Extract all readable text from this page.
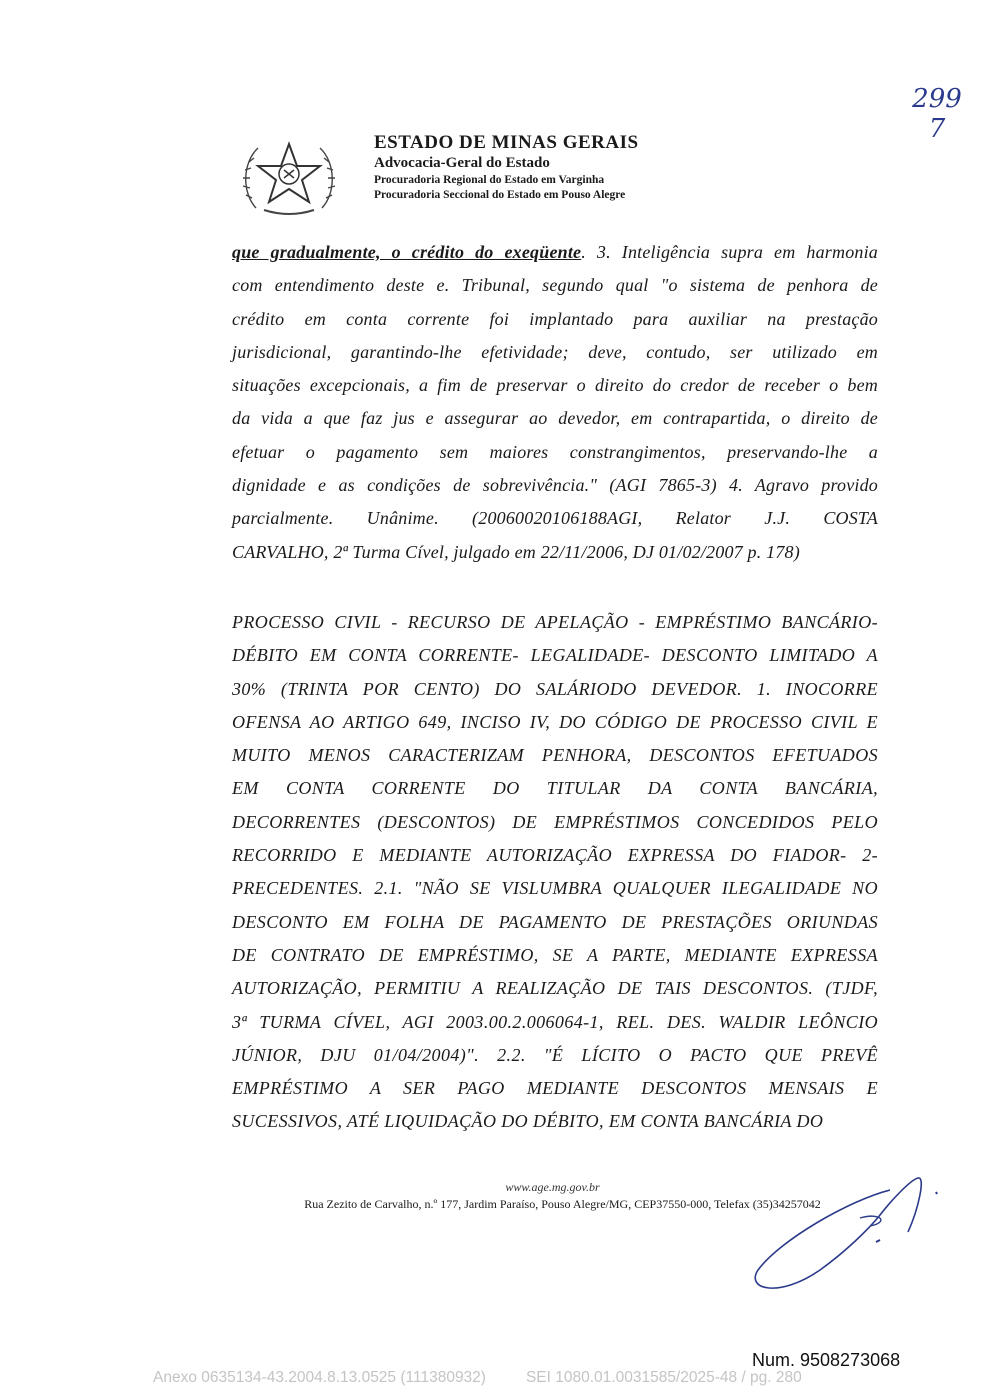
299
7
ESTADO DE MINAS GERAIS
Advocacia-Geral do Estado
Procuradoria Regional do Estado em Varginha
Procuradoria Seccional do Estado em Pouso Alegre
que gradualmente, o crédito do exeqüente. 3. Inteligência supra em harmonia
com entendimento deste e. Tribunal, segundo qual "o sistema de penhora de
crédito em conta corrente foi implantado para auxiliar na prestação
jurisdicional, garantindo-lhe efetividade; deve, contudo, ser utilizado em
situações excepcionais, a fim de preservar o direito do credor de receber o bem
da vida a que faz jus e assegurar ao devedor, em contrapartida, o direito de
efetuar o pagamento sem maiores constrangimentos, preservando-lhe a
dignidade e as condições de sobrevivência." (AGI 7865-3) 4. Agravo provido
parcialmente. Unânime. (20060020106188AGI, Relator J.J. COSTA
CARVALHO, 2ª Turma Cível, julgado em 22/11/2006, DJ 01/02/2007 p. 178)
PROCESSO CIVIL - RECURSO DE APELAÇÃO - EMPRÉSTIMO BANCÁRIO-
DÉBITO EM CONTA CORRENTE- LEGALIDADE- DESCONTO LIMITADO A
30% (TRINTA POR CENTO) DO SALÁRIODO DEVEDOR. 1. INOCORRE
OFENSA AO ARTIGO 649, INCISO IV, DO CÓDIGO DE PROCESSO CIVIL E
MUITO MENOS CARACTERIZAM PENHORA, DESCONTOS EFETUADOS
EM CONTA CORRENTE DO TITULAR DA CONTA BANCÁRIA,
DECORRENTES (DESCONTOS) DE EMPRÉSTIMOS CONCEDIDOS PELO
RECORRIDO E MEDIANTE AUTORIZAÇÃO EXPRESSA DO FIADOR- 2-
PRECEDENTES. 2.1. "NÃO SE VISLUMBRA QUALQUER ILEGALIDADE NO
DESCONTO EM FOLHA DE PAGAMENTO DE PRESTAÇÕES ORIUNDAS
DE CONTRATO DE EMPRÉSTIMO, SE A PARTE, MEDIANTE EXPRESSA
AUTORIZAÇÃO, PERMITIU A REALIZAÇÃO DE TAIS DESCONTOS. (TJDF,
3ª TURMA CÍVEL, AGI 2003.00.2.006064-1, REL. DES. WALDIR LEÔNCIO
JÚNIOR, DJU 01/04/2004)". 2.2. "É LÍCITO O PACTO QUE PREVÊ
EMPRÉSTIMO A SER PAGO MEDIANTE DESCONTOS MENSAIS E
SUCESSIVOS, ATÉ LIQUIDAÇÃO DO DÉBITO, EM CONTA BANCÁRIA DO
www.age.mg.gov.br
Rua Zezito de Carvalho, n.º 177, Jardim Paraíso, Pouso Alegre/MG, CEP37550-000, Telefax (35)34257042
Num. 9508273068
Anexo 0635134-43.2004.8.13.0525 (111380932)	SEI 1080.01.0031585/2025-48 / pg. 280
